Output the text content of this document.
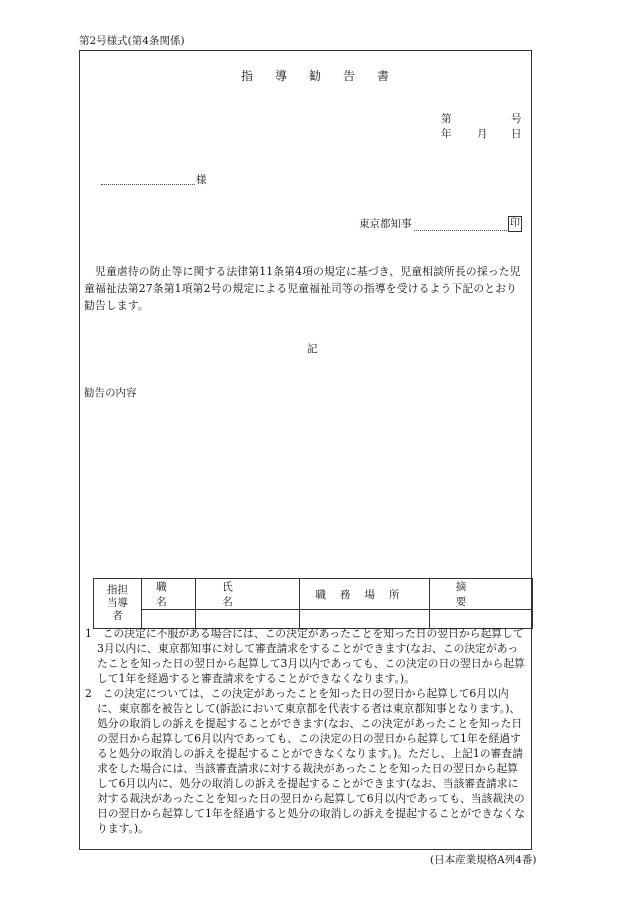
第2号様式(第4条関係)
指導勧告書
第	号
年 月 日
様
東京都知事	印
児童虐待の防止等に関する法律第11条第4項の規定に基づき、児童相談所長の採った児童福祉法第27条第1項第2号の規定による児童福祉司等の指導を受けるよう下記のとおり勧告します。
記
勧告の内容
指担当導者	職名	氏名	職務場所	摘要

1　この決定に不服がある場合には、この決定があったことを知った日の翌日から起算して3月以内に、東京都知事に対して審査請求をすることができます(なお、この決定があったことを知った日の翌日から起算して3月以内であっても、この決定の日の翌日から起算して1年を経過すると審査請求をすることができなくなります。)。

2　この決定については、この決定があったことを知った日の翌日から起算して6月以内に、東京都を被告として(訴訟において東京都を代表する者は東京都知事となります。)、処分の取消しの訴えを提起することができます(なお、この決定があったことを知った日の翌日から起算して6月以内であっても、この決定の日の翌日から起算して1年を経過すると処分の取消しの訴えを提起することができなくなります。)。ただし、上記1の審査請求をした場合には、当該審査請求に対する裁決があったことを知った日の翌日から起算して6月以内に、処分の取消しの訴えを提起することができます(なお、当該審査請求に対する裁決があったことを知った日の翌日から起算して6月以内であっても、当該裁決の日の翌日から起算して1年を経過すると処分の取消しの訴えを提起することができなくなります。)。

(日本産業規格A列4番)
